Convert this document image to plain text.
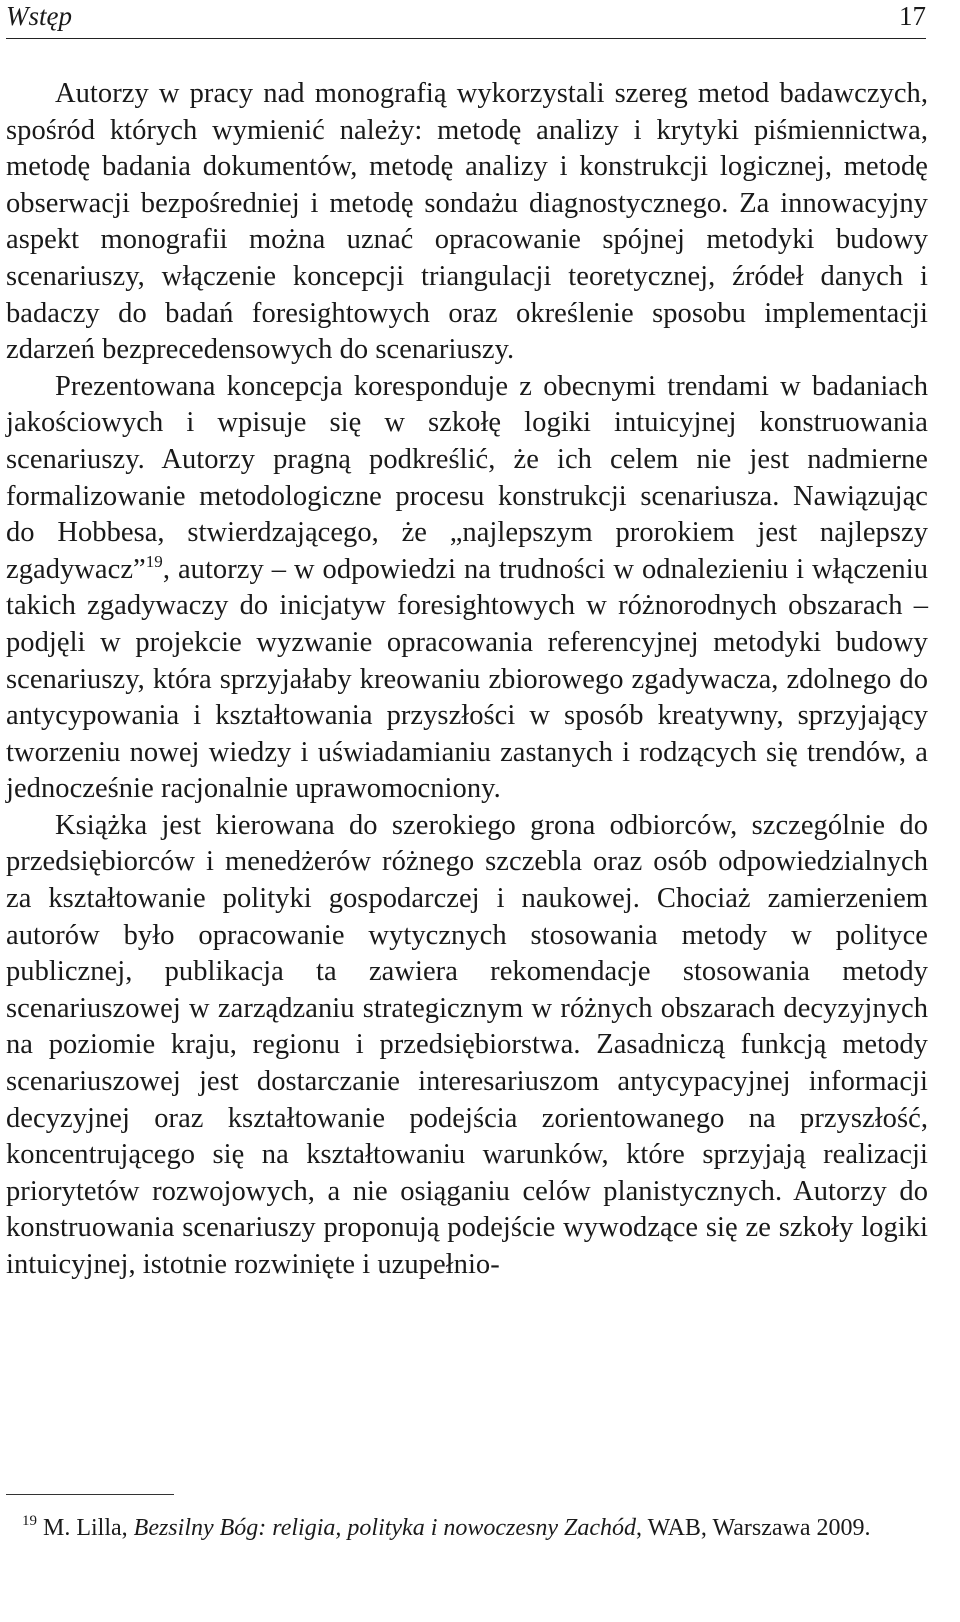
Wstęp	17

Autorzy w pracy nad monografią wykorzystali szereg metod badawczych, spośród których wymienić należy: metodę analizy i krytyki piśmiennictwa, metodę badania dokumentów, metodę analizy i konstrukcji logicznej, metodę obserwacji bezpośredniej i metodę sondażu diagnostycznego. Za innowacyjny aspekt monografii można uznać opracowanie spójnej metodyki budowy scenariuszy, włączenie koncepcji triangulacji teoretycznej, źródeł danych i badaczy do badań foresightowych oraz określenie sposobu implementacji zdarzeń bezprecedensowych do scenariuszy.

Prezentowana koncepcja koresponduje z obecnymi trendami w badaniach jakościowych i wpisuje się w szkołę logiki intuicyjnej konstruowania scenariuszy. Autorzy pragną podkreślić, że ich celem nie jest nadmierne formalizowanie metodologiczne procesu konstrukcji scenariusza. Nawiązując do Hobbesa, stwierdzającego, że „najlepszym prorokiem jest najlepszy zgadywacz”$^{19}$, autorzy – w odpowiedzi na trudności w odnalezieniu i włączeniu takich zgadywaczy do inicjatyw foresightowych w różnorodnych obszarach – podjęli w projekcie wyzwanie opracowania referencyjnej metodyki budowy scenariuszy, która sprzyjałaby kreowaniu zbiorowego zgadywacza, zdolnego do antycypowania i kształtowania przyszłości w sposób kreatywny, sprzyjający tworzeniu nowej wiedzy i uświadamianiu zastanych i rodzących się trendów, a jednocześnie racjonalnie uprawomocniony.

Książka jest kierowana do szerokiego grona odbiorców, szczególnie do przedsiębiorców i menedżerów różnego szczebla oraz osób odpowiedzialnych za kształtowanie polityki gospodarczej i naukowej. Chociaż zamierzeniem autorów było opracowanie wytycznych stosowania metody w polityce publicznej, publikacja ta zawiera rekomendacje stosowania metody scenariuszowej w zarządzaniu strategicznym w różnych obszarach decyzyjnych na poziomie kraju, regionu i przedsiębiorstwa. Zasadniczą funkcją metody scenariuszowej jest dostarczanie interesariuszom antycypacyjnej informacji decyzyjnej oraz kształtowanie podejścia zorientowanego na przyszłość, koncentrującego się na kształtowaniu warunków, które sprzyjają realizacji priorytetów rozwojowych, a nie osiąganiu celów planistycznych. Autorzy do konstruowania scenariuszy proponują podejście wywodzące się ze szkoły logiki intuicyjnej, istotnie rozwinięte i uzupełnio-

$^{19}$ M. Lilla, Bezsilny Bóg: religia, polityka i nowoczesny Zachód, WAB, Warszawa 2009.
